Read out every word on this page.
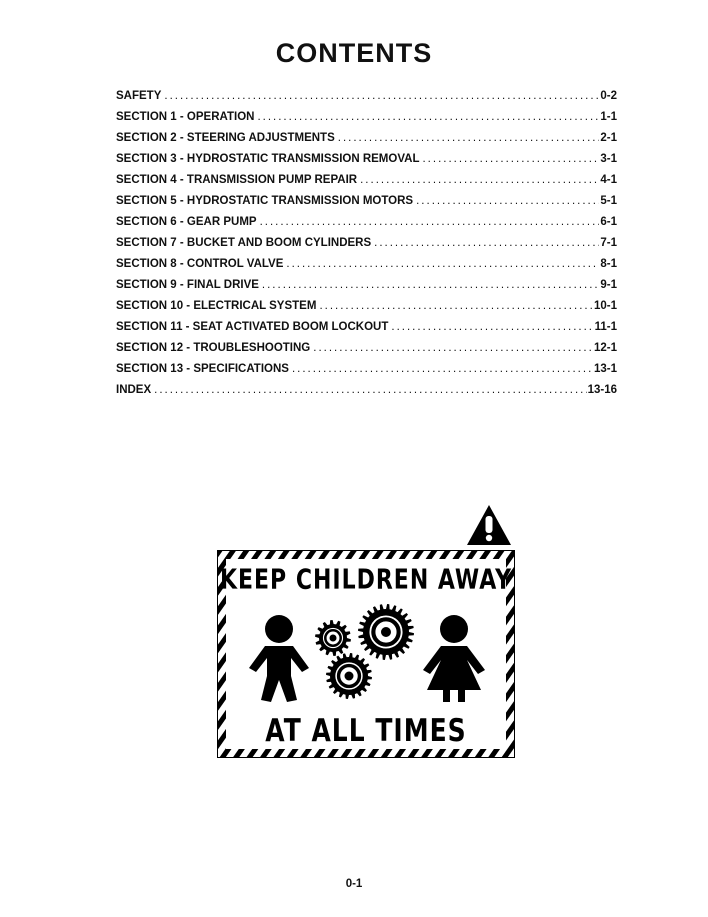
CONTENTS
SAFETY .....	0-2
SECTION 1 - OPERATION .....	1-1
SECTION 2 - STEERING ADJUSTMENTS .....	2-1
SECTION 3 - HYDROSTATIC TRANSMISSION REMOVAL .....	3-1
SECTION 4 - TRANSMISSION PUMP REPAIR .....	4-1
SECTION 5 - HYDROSTATIC TRANSMISSION MOTORS .....	5-1
SECTION 6 - GEAR PUMP .....	6-1
SECTION 7 - BUCKET AND BOOM CYLINDERS .....	7-1
SECTION 8 - CONTROL VALVE .....	8-1
SECTION 9 - FINAL DRIVE .....	9-1
SECTION 10 - ELECTRICAL SYSTEM .....	10-1
SECTION 11 - SEAT ACTIVATED BOOM LOCKOUT .....	11-1
SECTION 12 - TROUBLESHOOTING .....	12-1
SECTION 13 - SPECIFICATIONS .....	13-1
INDEX .....	13-16
KEEP CHILDREN AWAY
AT ALL TIMES
0-1
